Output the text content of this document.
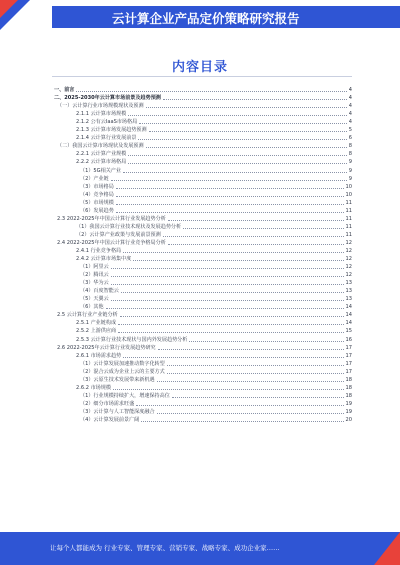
云计算企业产品定价策略研究报告
内容目录
一、前言	4
二、2025-2030年云计算市场前景及趋势预测	4
（一）云计算行业市场规模现状及预测	4
2.1.1 云计算市场规模	4
2.1.2 公有云IaaS市场格局	4
2.1.3 云计算市场发展趋势预测	5
2.1.4 云计算行业发展前景	6
（二）我国云计算市场现状及发展预测	8
2.2.1 云计算产业规模	8
2.2.2 云计算市场格局	9
（1）5G相关产业	9
（2）产业链	9
（3）市场格局	10
（4）竞争格局	10
（5）市场规模	11
（6）发展趋势	11
2.3 2022-2025年中国云计算行业发展趋势分析	11
（1）我国云计算行业技术现状及发展趋势分析	11
（2）云计算产业政策与发展前景预测	11
2.4 2022-2025年中国云计算行业竞争格局分析	12
2.4.1 行业竞争格局	12
2.4.2 云计算市场集中度	12
（1）阿里云	12
（2）腾讯云	12
（3）华为云	13
（4）百度智能云	13
（5）天翼云	13
（6）其他	14
2.5 云计算行业产业链分析	14
2.5.1 产业链构成	14
2.5.2 上游供应商	15
2.5.3 云计算行业技术现状与国内外发展趋势分析	16
2.6 2022-2025年云计算行业发展趋势研究	17
2.6.1 市场需求趋势	17
（1）云计算发展加速推动数字化转型	17
（2）混合云成为企业上云的主要方式	17
（3）云原生技术发展带来新机遇	18
2.6.2 市场规模	18
（1）行业规模持续扩大，增速保持高位	18
（2）细分市场需求旺盛	19
（3）云计算与人工智能深度融合	19
（4）云计算发展前景广阔	20
让每个人都能成为 行业专家、管理专家、营销专家、战略专家、成功企业家……
